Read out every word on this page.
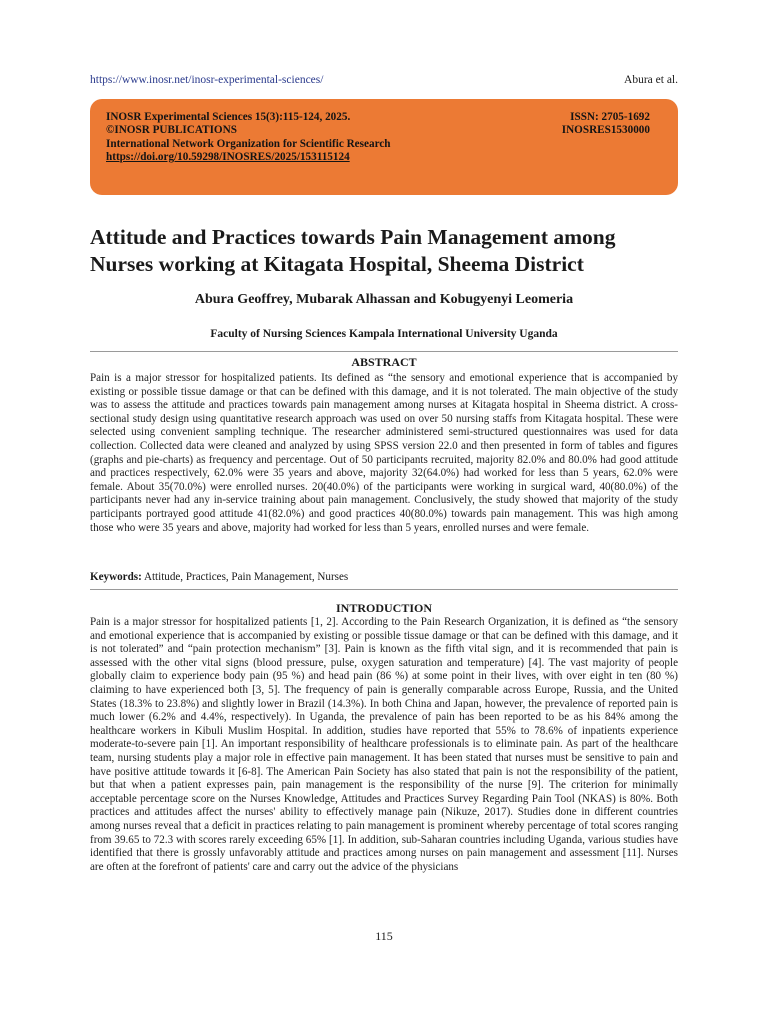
https://www.inosr.net/inosr-experimental-sciences/	Abura et al.
INOSR Experimental Sciences 15(3):115-124, 2025.
©INOSR PUBLICATIONS
International Network Organization for Scientific Research
https://doi.org/10.59298/INOSRES/2025/153115124
ISSN: 2705-1692
INOSRES1530000
Attitude and Practices towards Pain Management among Nurses working at Kitagata Hospital, Sheema District
Abura Geoffrey, Mubarak Alhassan and Kobugyenyi Leomeria
Faculty of Nursing Sciences Kampala International University Uganda
ABSTRACT

Pain is a major stressor for hospitalized patients. Its defined as “the sensory and emotional experience that is accompanied by existing or possible tissue damage or that can be defined with this damage, and it is not tolerated. The main objective of the study was to assess the attitude and practices towards pain management among nurses at Kitagata hospital in Sheema district. A cross-sectional study design using quantitative research approach was used on over 50 nursing staffs from Kitagata hospital. These were selected using convenient sampling technique. The researcher administered semi-structured questionnaires was used for data collection. Collected data were cleaned and analyzed by using SPSS version 22.0 and then presented in form of tables and figures (graphs and pie-charts) as frequency and percentage. Out of 50 participants recruited, majority 82.0% and 80.0% had good attitude and practices respectively, 62.0% were 35 years and above, majority 32(64.0%) had worked for less than 5 years, 62.0% were female. About 35(70.0%) were enrolled nurses. 20(40.0%) of the participants were working in surgical ward, 40(80.0%) of the participants never had any in-service training about pain management. Conclusively, the study showed that majority of the study participants portrayed good attitude 41(82.0%) and good practices 40(80.0%) towards pain management. This was high among those who were 35 years and above, majority had worked for less than 5 years, enrolled nurses and were female.

Keywords: Attitude, Practices, Pain Management, Nurses
INTRODUCTION

Pain is a major stressor for hospitalized patients [1, 2]. According to the Pain Research Organization, it is defined as “the sensory and emotional experience that is accompanied by existing or possible tissue damage or that can be defined with this damage, and it is not tolerated” and “pain protection mechanism” [3]. Pain is known as the fifth vital sign, and it is recommended that pain is assessed with the other vital signs (blood pressure, pulse, oxygen saturation and temperature) [4]. The vast majority of people globally claim to experience body pain (95 %) and head pain (86 %) at some point in their lives, with over eight in ten (80 %) claiming to have experienced both [3, 5]. The frequency of pain is generally comparable across Europe, Russia, and the United States (18.3% to 23.8%) and slightly lower in Brazil (14.3%). In both China and Japan, however, the prevalence of reported pain is much lower (6.2% and 4.4%, respectively). In Uganda, the prevalence of pain has been reported to be as his 84% among the healthcare workers in Kibuli Muslim Hospital. In addition, studies have reported that 55% to 78.6% of inpatients experience moderate-to-severe pain [1]. An important responsibility of healthcare professionals is to eliminate pain. As part of the healthcare team, nursing students play a major role in effective pain management. It has been stated that nurses must be sensitive to pain and have positive attitude towards it [6-8]. The American Pain Society has also stated that pain is not the responsibility of the patient, but that when a patient expresses pain, pain management is the responsibility of the nurse [9]. The criterion for minimally acceptable percentage score on the Nurses Knowledge, Attitudes and Practices Survey Regarding Pain Tool (NKAS) is 80%. Both practices and attitudes affect the nurses' ability to effectively manage pain (Nikuze, 2017). Studies done in different countries among nurses reveal that a deficit in practices relating to pain management is prominent whereby percentage of total scores ranging from 39.65 to 72.3 with scores rarely exceeding 65% [1]. In addition, sub-Saharan countries including Uganda, various studies have identified that there is grossly unfavorably attitude and practices among nurses on pain management and assessment [11]. Nurses are often at the forefront of patients' care and carry out the advice of the physicians

115
